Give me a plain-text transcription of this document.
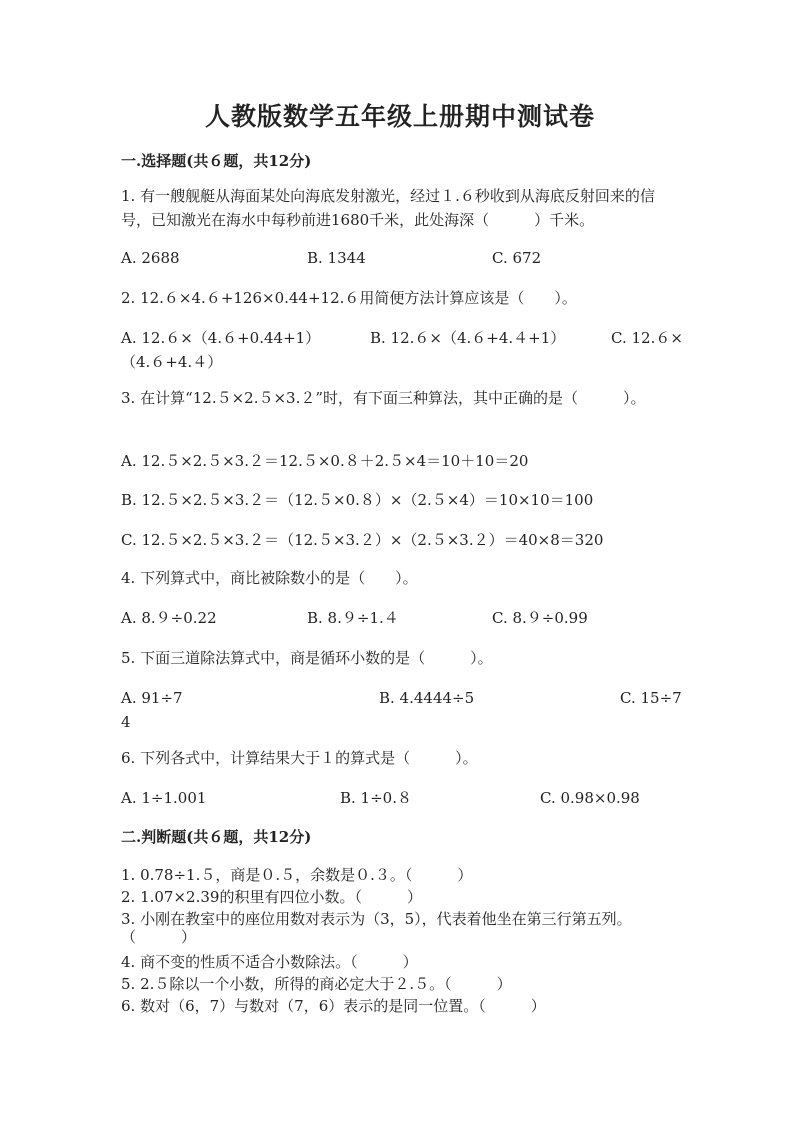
人教版数学五年级上册期中测试卷
一.选择题(共６题，共12分)
1. 有一艘舰艇从海面某处向海底发射激光，经过１.６秒收到从海底反射回来的信号，已知激光在海水中每秒前进1680千米，此处海深（　　　）千米。
A. 2688	B. 1344	C. 672
2. 12.６×4.６+126×0.44+12.６用简便方法计算应该是（　　）。
A. 12.６×（4.６+0.44+1）	B. 12.６×（4.６+4.４+1）	C. 12.６×
（4.６+4.４）
3. 在计算“12.５×2.５×3.２”时，有下面三种算法，其中正确的是（　　　）。
A. 12.５×2.５×3.２＝12.５×0.８＋2.５×4＝10＋10＝20
B. 12.５×2.５×3.２＝（12.５×0.８）×（2.５×4）＝10×10＝100
C. 12.５×2.５×3.２＝（12.５×3.２）×（2.５×3.２）＝40×8＝320
4. 下列算式中，商比被除数小的是（　　）。
A. 8.９÷0.22	B. 8.９÷1.４	C. 8.９÷0.99
5. 下面三道除法算式中，商是循环小数的是（　　　）。
A. 91÷7	B. 4.4444÷5	C. 15÷7
4
6. 下列各式中，计算结果大于１的算式是（　　　）。
A. 1÷1.001	B. 1÷0.８	C. 0.98×0.98
二.判断题(共６题，共12分)
1. 0.78÷1.５，商是０.５，余数是０.３。（　　　）
2. 1.07×2.39的积里有四位小数。（　　　）
3. 小刚在教室中的座位用数对表示为（3，5），代表着他坐在第三行第五列。（　　　）
4. 商不变的性质不适合小数除法。（　　　）
5. 2.５除以一个小数，所得的商必定大于２.５。（　　　）
6. 数对（6，7）与数对（7，6）表示的是同一位置。（　　　）
